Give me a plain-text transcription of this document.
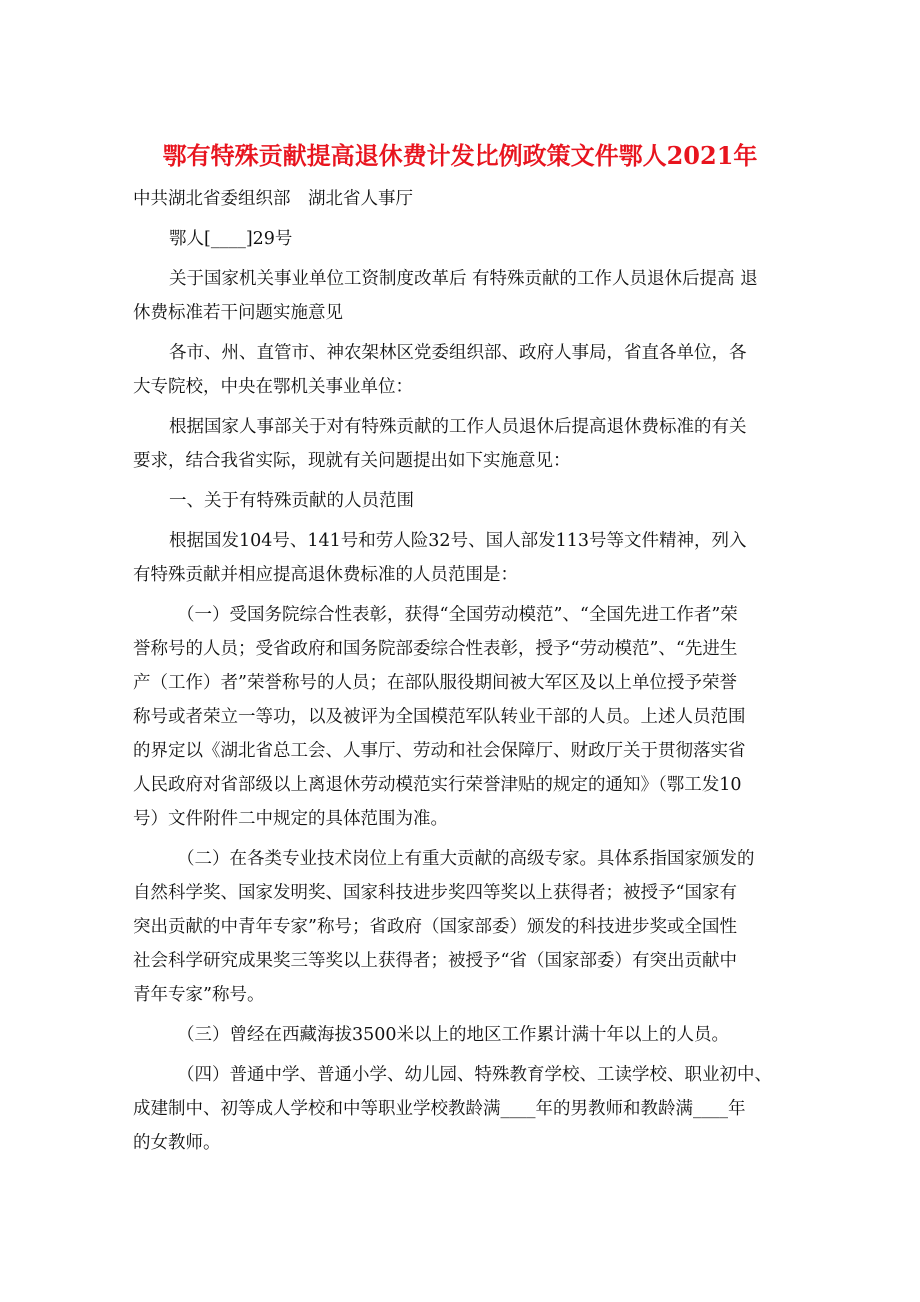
鄂有特殊贡献提高退休费计发比例政策文件鄂人2021年
中共湖北省委组织部　湖北省人事厅
鄂人[____]29号
关于国家机关事业单位工资制度改革后 有特殊贡献的工作人员退休后提高 退
休费标准若干问题实施意见
各市、州、直管市、神农架林区党委组织部、政府人事局，省直各单位，各
大专院校，中央在鄂机关事业单位：
根据国家人事部关于对有特殊贡献的工作人员退休后提高退休费标准的有关
要求，结合我省实际，现就有关问题提出如下实施意见：
一、关于有特殊贡献的人员范围
根据国发104号、141号和劳人险32号、国人部发113号等文件精神，列入
有特殊贡献并相应提高退休费标准的人员范围是：
（一）受国务院综合性表彰，获得“全国劳动模范”、“全国先进工作者”荣
誉称号的人员；受省政府和国务院部委综合性表彰，授予“劳动模范”、“先进生
产（工作）者”荣誉称号的人员；在部队服役期间被大军区及以上单位授予荣誉
称号或者荣立一等功，以及被评为全国模范军队转业干部的人员。上述人员范围
的界定以《湖北省总工会、人事厅、劳动和社会保障厅、财政厅关于贯彻落实省
人民政府对省部级以上离退休劳动模范实行荣誉津贴的规定的通知》（鄂工发10
号）文件附件二中规定的具体范围为准。
（二）在各类专业技术岗位上有重大贡献的高级专家。具体系指国家颁发的
自然科学奖、国家发明奖、国家科技进步奖四等奖以上获得者；被授予“国家有
突出贡献的中青年专家”称号；省政府（国家部委）颁发的科技进步奖或全国性
社会科学研究成果奖三等奖以上获得者；被授予“省（国家部委）有突出贡献中
青年专家”称号。
（三）曾经在西藏海拔3500米以上的地区工作累计满十年以上的人员。
（四）普通中学、普通小学、幼儿园、特殊教育学校、工读学校、职业初中、
成建制中、初等成人学校和中等职业学校教龄满____年的男教师和教龄满____年
的女教师。
